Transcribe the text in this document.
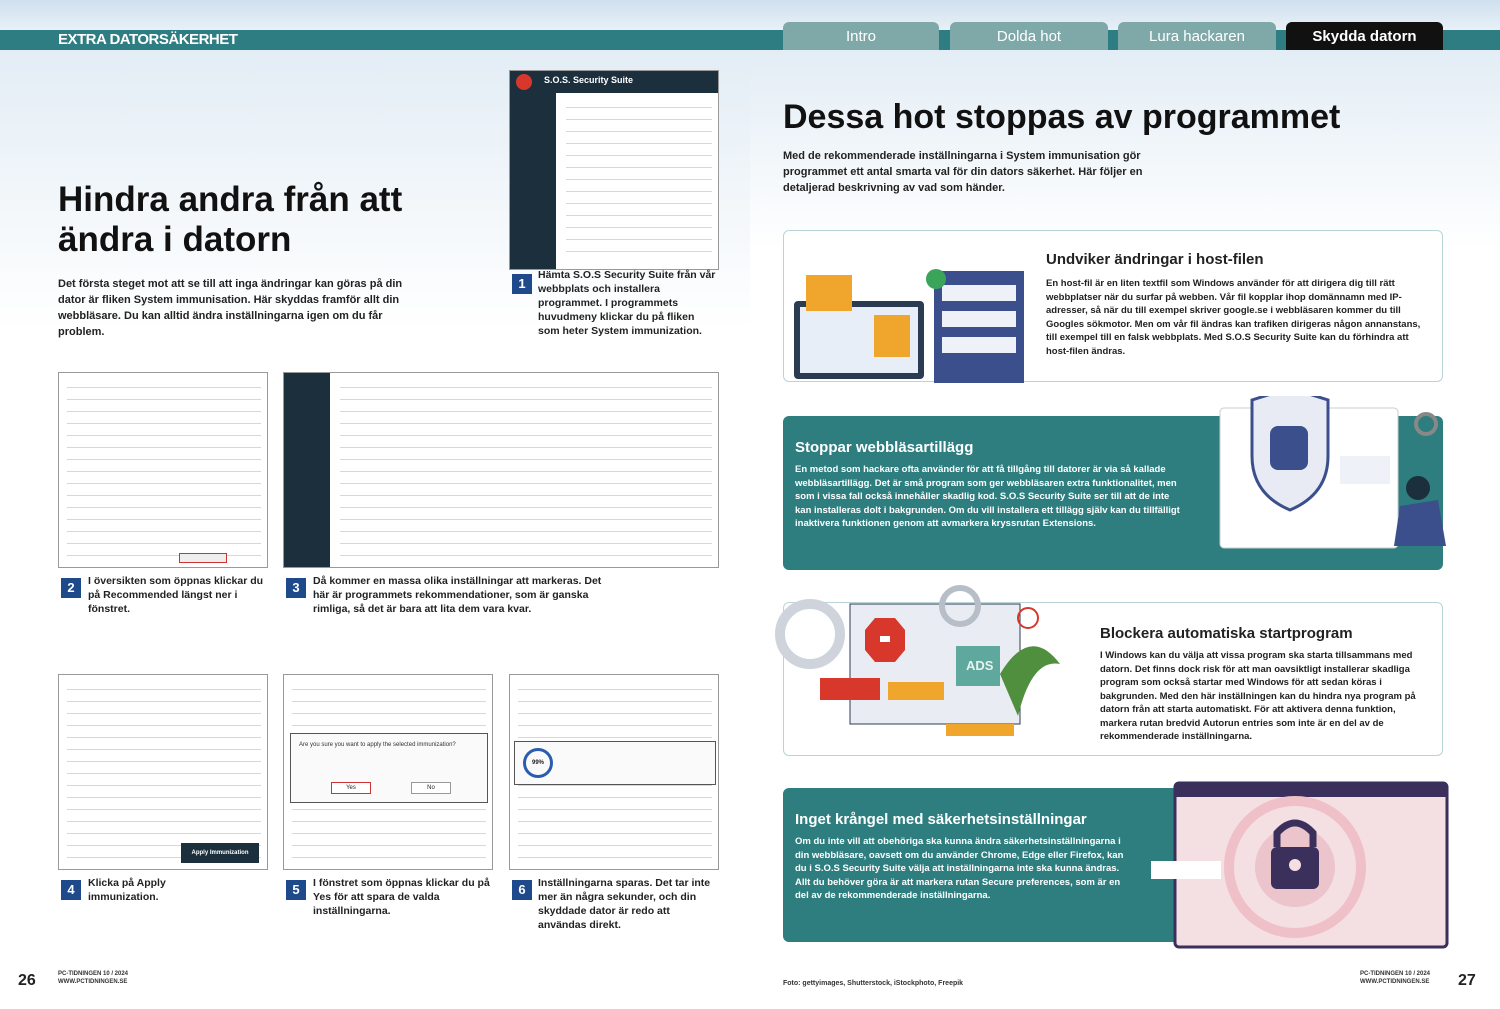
EXTRA DATORSÄKERHET	Intro	Dolda hot	Lura hackaren	Skydda datorn
Hindra andra från att ändra i datorn
Det första steget mot att se till att inga ändringar kan göras på din dator är fliken System immunisation. Här skyddas framför allt din webbläsare. Du kan alltid ändra inställningarna igen om du får problem.
S.O.S. Security Suite
1
Hämta S.O.S Security Suite från vår webbplats och installera programmet. I programmets huvudmeny klickar du på fliken som heter System immunization.
2	I översikten som öppnas klickar du på Recommended längst ner i fönstret.
3	Då kommer en massa olika inställningar att markeras. Det här är programmets rekommendationer, som är ganska rimliga, så det är bara att lita dem vara kvar.
Apply Immunization
4	Klicka på Apply immunization.
Are you sure you want to apply the selected immunization?
Yes	No
5	I fönstret som öppnas klickar du på Yes för att spara de valda inställningarna.
99%
6	Inställningarna sparas. Det tar inte mer än några sekunder, och din skyddade dator är redo att användas direkt.
26	PC-TIDNINGEN 10 / 2024
WWW.PCTIDNINGEN.SE
Dessa hot stoppas av programmet
Med de rekommenderade inställningarna i System immunisation gör programmet ett antal smarta val för din dators säkerhet. Här följer en detaljerad beskrivning av vad som händer.
Undviker ändringar i host-filen
En host-fil är en liten textfil som Windows använder för att dirigera dig till rätt webbplatser när du surfar på webben. Vår fil kopplar ihop domännamn med IP-adresser, så när du till exempel skriver google.se i webbläsaren kommer du till Googles sökmotor. Men om vår fil ändras kan trafiken dirigeras någon annanstans, till exempel till en falsk webbplats. Med S.O.S Security Suite kan du förhindra att host-filen ändras.
Stoppar webbläsartillägg
En metod som hackare ofta använder för att få tillgång till datorer är via så kallade webbläsartillägg. Det är små program som ger webbläsaren extra funktionalitet, men som i vissa fall också innehåller skadlig kod. S.O.S Security Suite ser till att de inte kan installeras dolt i bakgrunden. Om du vill installera ett tillägg själv kan du tillfälligt inaktivera funktionen genom att avmarkera kryssrutan Extensions.
Blockera automatiska startprogram
I Windows kan du välja att vissa program ska starta tillsammans med datorn. Det finns dock risk för att man oavsiktligt installerar skadliga program som också startar med Windows för att sedan köras i bakgrunden. Med den här inställningen kan du hindra nya program på datorn från att starta automatiskt. För att aktivera denna funktion, markera rutan bredvid Autorun entries som inte är en del av de rekommenderade inställningarna.
ADS
Inget krångel med säkerhetsinställningar
Om du inte vill att obehöriga ska kunna ändra säkerhetsinställningarna i din webbläsare, oavsett om du använder Chrome, Edge eller Firefox, kan du i S.O.S Security Suite välja att inställningarna inte ska kunna ändras. Allt du behöver göra är att markera rutan Secure preferences, som är en del av de rekommenderade inställningarna.
Foto: gettyimages, Shutterstock, iStockphoto, Freepik
PC-TIDNINGEN 10 / 2024
WWW.PCTIDNINGEN.SE 27
